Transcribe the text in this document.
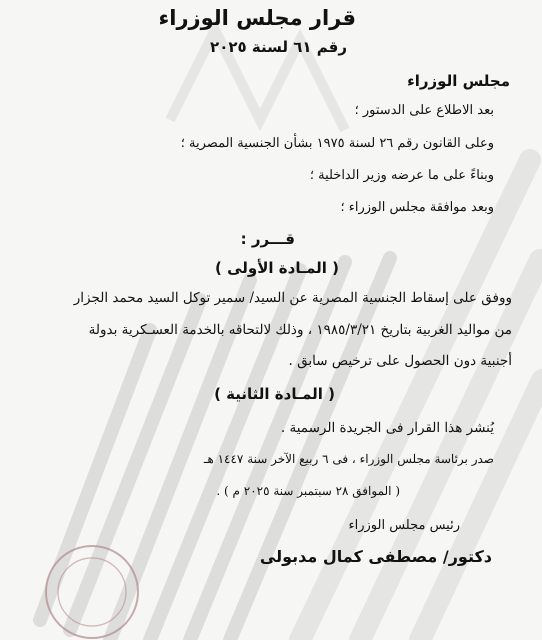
قرار مجلس الوزراء
رقم ٦١ لسنة ٢٠٢٥
مجلس الوزراء
بعد الاطلاع على الدستور ؛
وعلى القانون رقم ٢٦ لسنة ١٩٧٥ بشأن الجنسية المصرية ؛
وبناءً على ما عرضه وزير الداخلية ؛
وبعد موافقة مجلس الوزراء ؛
قـــرر :
( المـادة الأولى )
ووفق على إسقاط الجنسية المصرية عن السيد/ سمير توكل السيد محمد الجزار
من مواليد الغربية بتاريخ ١٩٨٥/٣/٢١ ، وذلك لالتحاقه بالخدمة العسـكرية بدولة
أجنبية دون الحصول على ترخيص سابق .
( المـادة الثانية )
يُنشر هذا القرار فى الجريدة الرسمية .
صدر برئاسة مجلس الوزراء ، فى ٦ ربيع الآخر سنة ١٤٤٧ هـ
( الموافق ٢٨ سبتمبر سنة ٢٠٢٥ م ) .
رئيس مجلس الوزراء
دكتور/ مصطفى كمال مدبولى
